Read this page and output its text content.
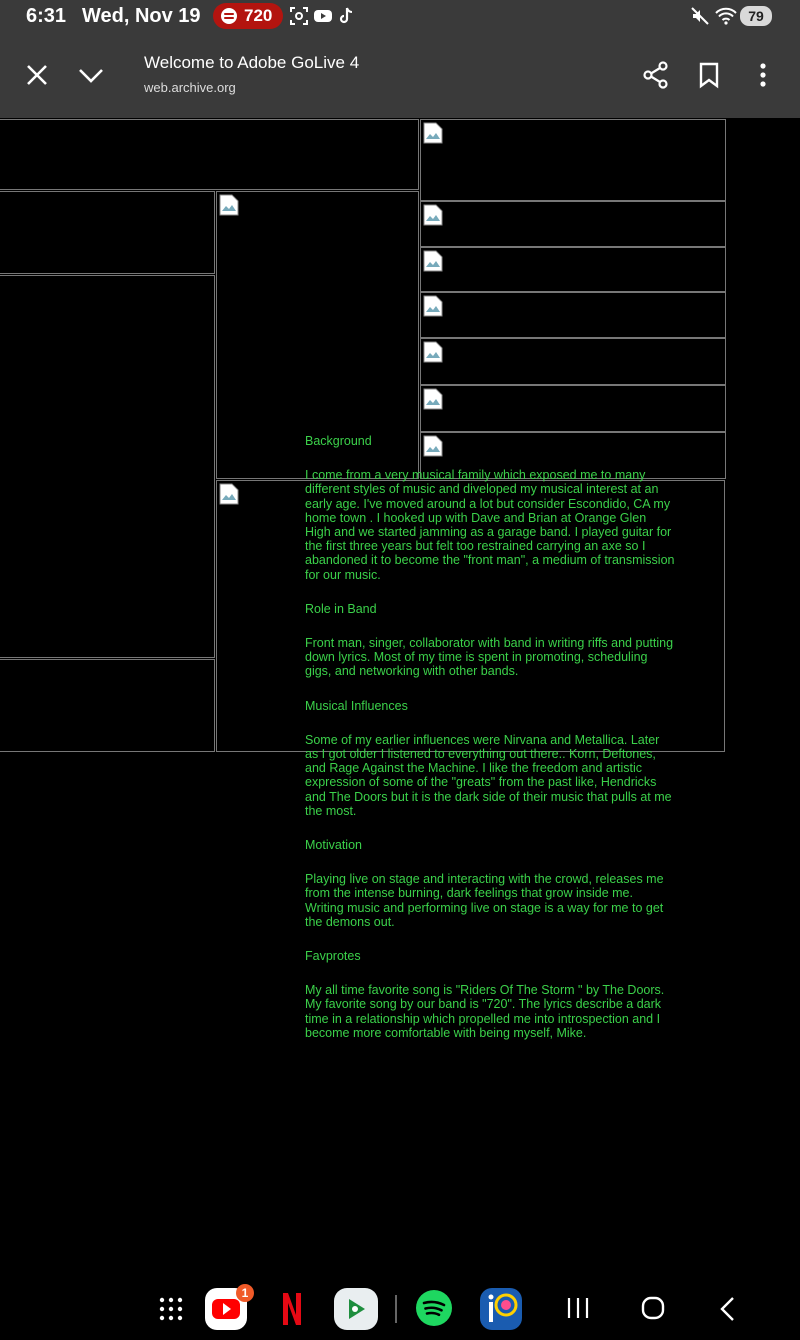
6:31 Wed, Nov 19	720	79
Welcome to Adobe GoLive 4
web.archive.org
Background
I come from a very musical family which exposed me to many different styles of music and diveloped my musical interest at an early age. I've moved around a lot but consider Escondido, CA my home town . I hooked up with Dave and Brian at Orange Glen High and we started jamming as a garage band. I played guitar for the first three years but felt too restrained carrying an axe so I abandoned it to become the "front man", a medium of transmission for our music.
Role in Band
Front man, singer, collaborator with band in writing riffs and putting down lyrics. Most of my time is spent in promoting, scheduling gigs, and networking with other bands.
Musical Influences
Some of my earlier influences were Nirvana and Metallica. Later as I got older I listened to everything out there.. Korn, Deftones, and Rage Against the Machine. I like the freedom and artistic expression of some of the "greats" from the past like, Hendricks and The Doors but it is the dark side of their music that pulls at me the most.
Motivation
Playing live on stage and interacting with the crowd, releases me from the intense burning, dark feelings that grow inside me. Writing music and performing live on stage is a way for me to get the demons out.
Favprotes
My all time favorite song is "Riders Of The Storm " by The Doors. My favorite song by our band is "720". The lyrics describe a dark time in a relationship which propelled me into introspection and I become more comfortable with being myself, Mike.
1
